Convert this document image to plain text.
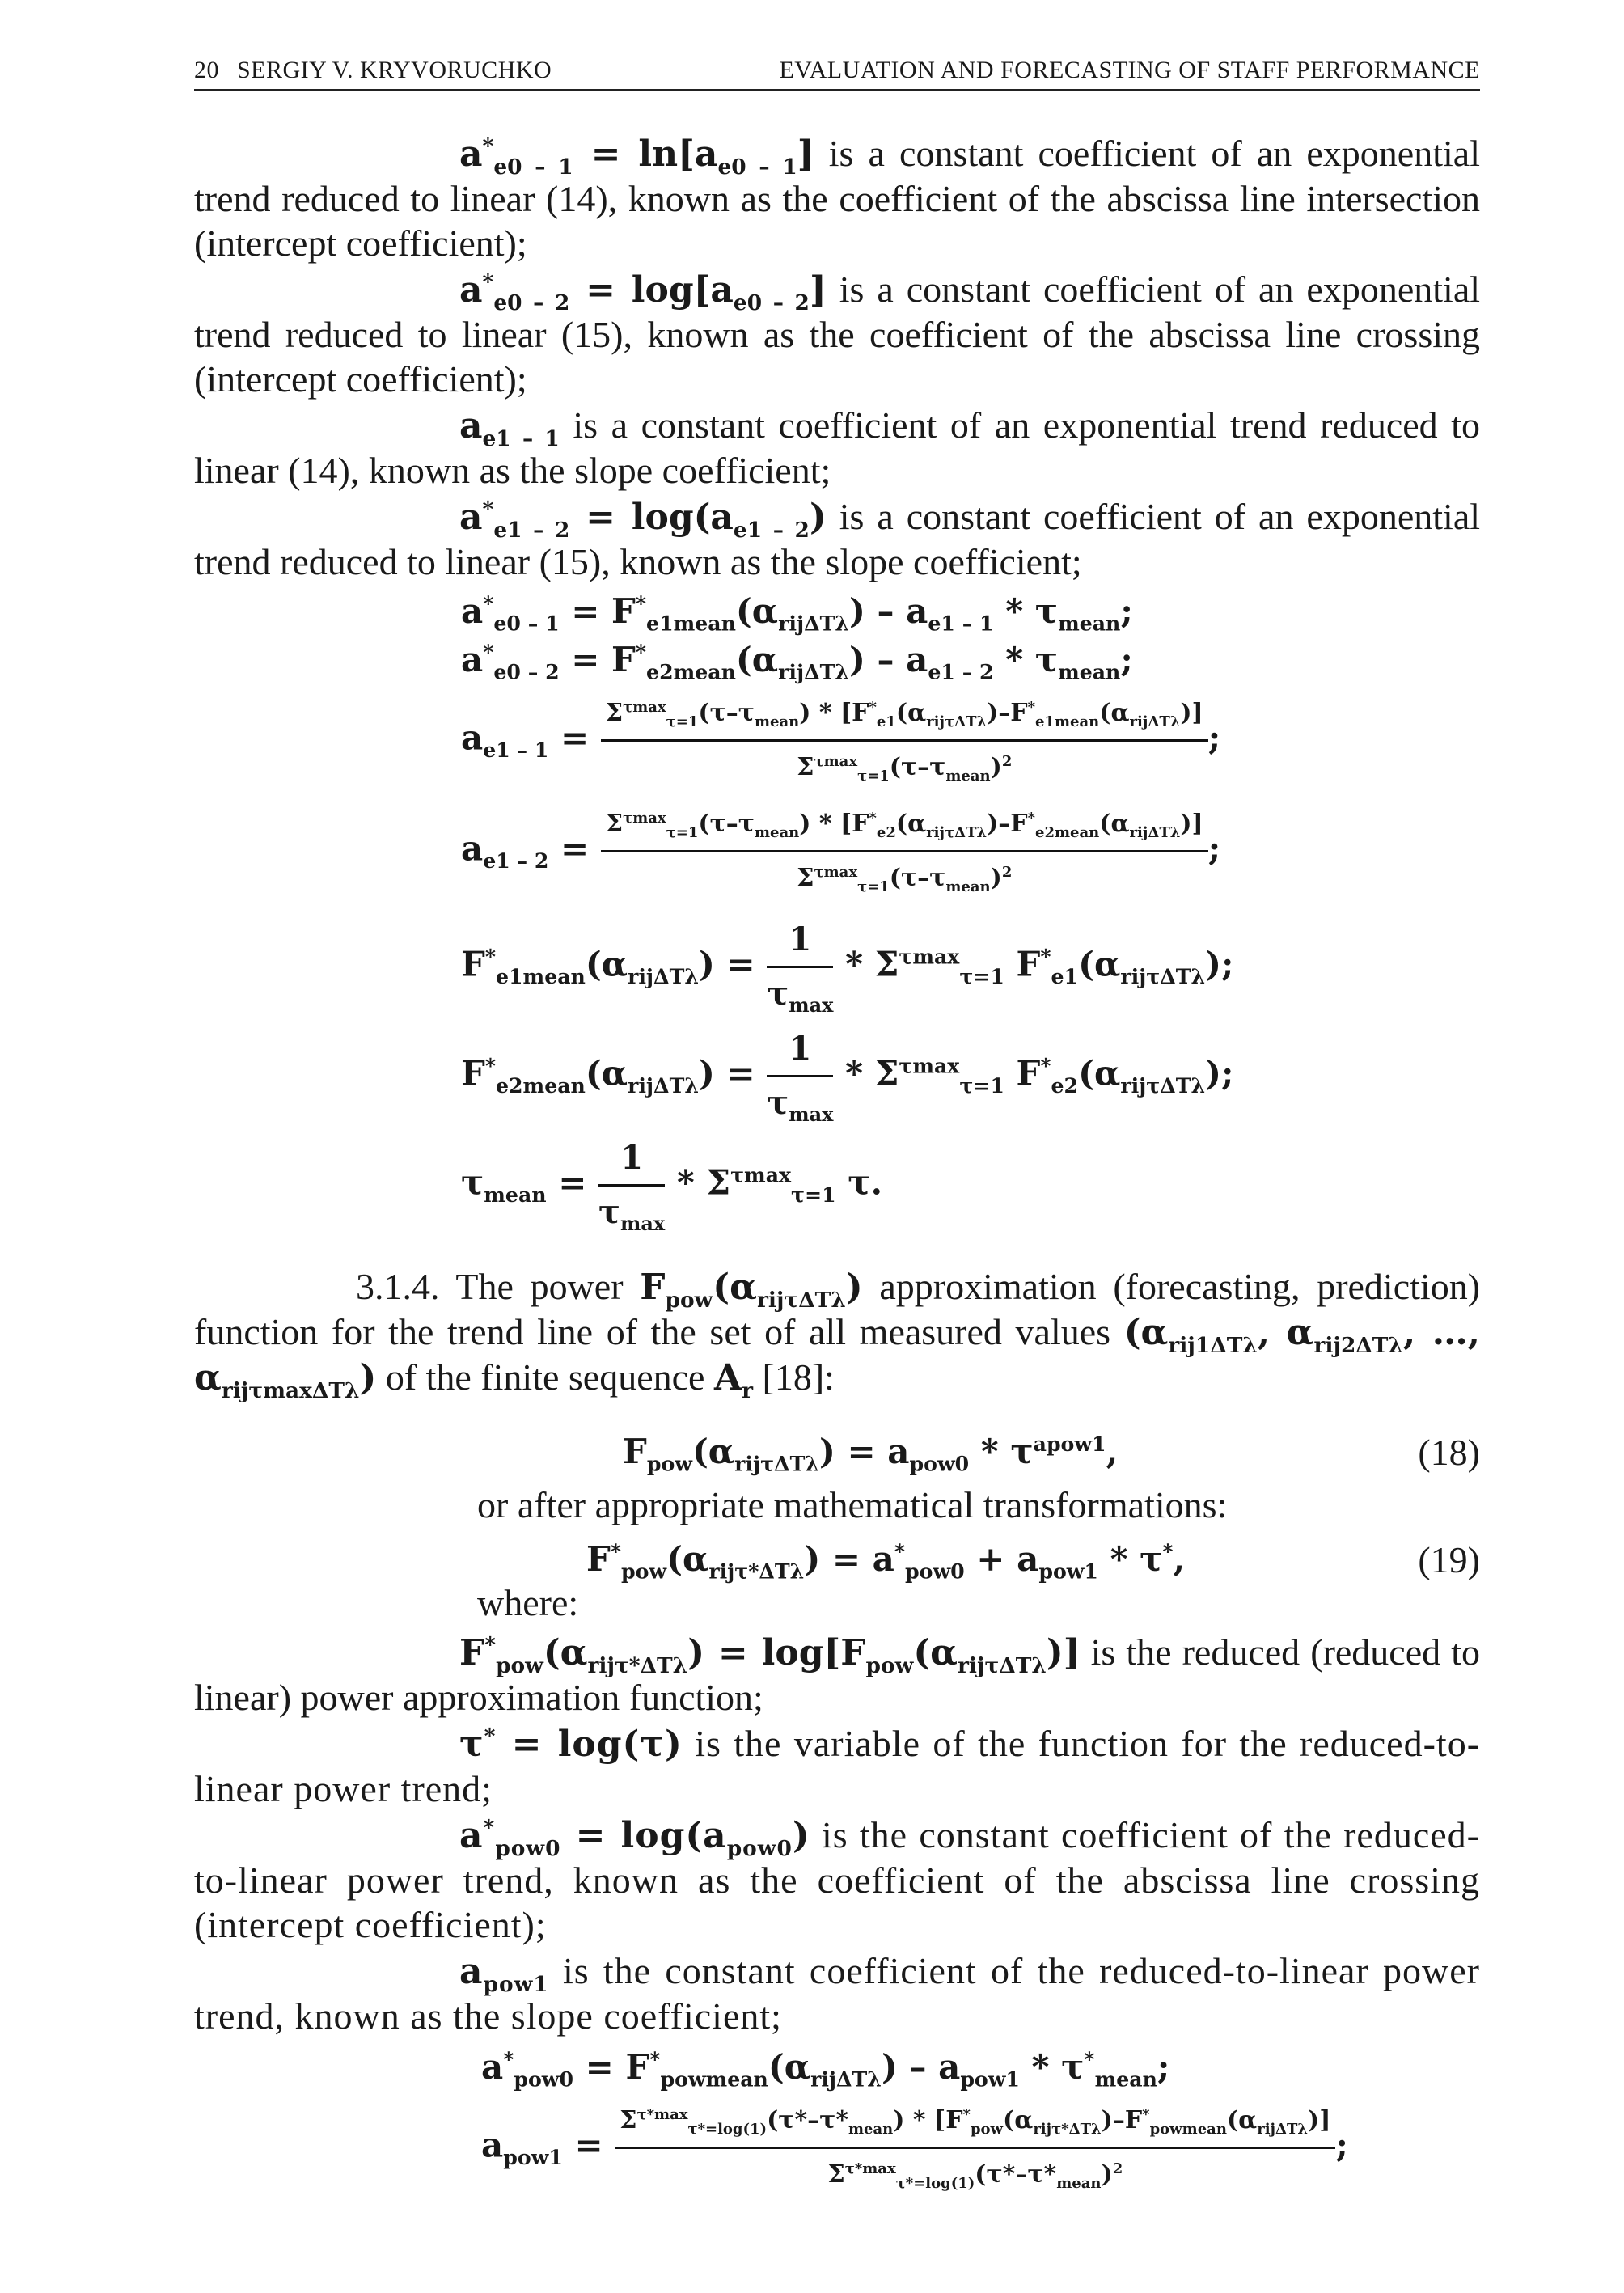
20 SERGIY V. KRYVORUCHKO	EVALUATION AND FORECASTING OF STAFF PERFORMANCE

$a^*_{e0 - 1} = \ln[a_{e0 - 1}]$ is a constant coefficient of an exponential trend reduced to linear (14), known as the coefficient of the abscissa line intersection (intercept coefficient);

$a^*_{e0 - 2} = \log[a_{e0 - 2}]$ is a constant coefficient of an exponential trend reduced to linear (15), known as the coefficient of the abscissa line crossing (intercept coefficient);

$a_{e1 - 1}$ is a constant coefficient of an exponential trend reduced to linear (14), known as the slope coefficient;

$a^*_{e1 - 2} = \log(a_{e1 - 2})$ is a constant coefficient of an exponential trend reduced to linear (15), known as the slope coefficient;

$a^*_{e0 - 1} = F^*_{e1mean}(\alpha_{rij\Delta T\lambda}) - a_{e1 - 1} * \tau_{mean}$;
$a^*_{e0 - 2} = F^*_{e2mean}(\alpha_{rij\Delta T\lambda}) - a_{e1 - 2} * \tau_{mean}$;
$a_{e1 - 1} = \frac{\Sigma^{\tau max}_{\tau=1}(\tau-\tau_{mean}) * [F^*_{e1}(\alpha_{rij\tau\Delta T\lambda})-F^*_{e1mean}(\alpha_{rij\Delta T\lambda})]}{\Sigma^{\tau max}_{\tau=1}(\tau-\tau_{mean})^2}$ ;
$a_{e1 - 2} = \frac{\Sigma^{\tau max}_{\tau=1}(\tau-\tau_{mean}) * [F^*_{e2}(\alpha_{rij\tau\Delta T\lambda})-F^*_{e2mean}(\alpha_{rij\Delta T\lambda})]}{\Sigma^{\tau max}_{\tau=1}(\tau-\tau_{mean})^2}$ ;
$F^*_{e1mean}(\alpha_{rij\Delta T\lambda}) = \frac{1}{\tau_{max}} * \Sigma^{\tau max}_{\tau=1}$ $F^*_{e1}(\alpha_{rij\tau\Delta T\lambda})$;
$F^*_{e2mean}(\alpha_{rij\Delta T\lambda}) = \frac{1}{\tau_{max}} * \Sigma^{\tau max}_{\tau=1}$ $F^*_{e2}(\alpha_{rij\tau\Delta T\lambda})$;
$\tau_{mean} = \frac{1}{\tau_{max}} * \Sigma^{\tau max}_{\tau=1}$ τ.

3.1.4. The power $F_{pow}(\alpha_{rij\tau\Delta T\lambda})$ approximation (forecasting, prediction) function for the trend line of the set of all measured values ($\alpha_{rij1\Delta T\lambda}$, $\alpha_{rij2\Delta T\lambda}$, …, $\alpha_{rij\tau max\Delta T\lambda}$) of the finite sequence $A_r$ [18]:

$F_{pow}(\alpha_{rij\tau\Delta T\lambda}) = a_{pow0} * \tau^{apow1}$,	(18)

or after appropriate mathematical transformations:

$F^*_{pow}(\alpha_{rij\tau*\Delta T\lambda}) = a^*_{pow0} + a_{pow1} * \tau^*$,	(19)

where:

$F^*_{pow}(\alpha_{rij\tau*\Delta T\lambda}) = \log[F_{pow}(\alpha_{rij\tau\Delta T\lambda})]$ is the reduced (reduced to linear) power approximation function;

τ* = log(τ) is the variable of the function for the reduced-to-linear power trend;

$a^*_{pow0} = \log(a_{pow0})$ is the constant coefficient of the reduced-to-linear power trend, known as the coefficient of the abscissa line crossing (intercept coefficient);

$a_{pow1}$ is the constant coefficient of the reduced-to-linear power trend, known as the slope coefficient;

$a^*_{pow0} = F^*_{powmean}(\alpha_{rij\Delta T\lambda}) - a_{pow1} * \tau^*_{mean}$;
$a_{pow1}$ =
$\Sigma^{\tau*max}_{\tau*=log(1)}(\tau*-\tau*_{mean}) * [F^*_{pow}(\alpha_{rij\tau*\Delta T\lambda})-F^*_{powmean}(\alpha_{rij\Delta T\lambda})]$
$\Sigma^{\tau*max}_{\tau*=log(1)}(\tau*-\tau*_{mean})^2$
;
